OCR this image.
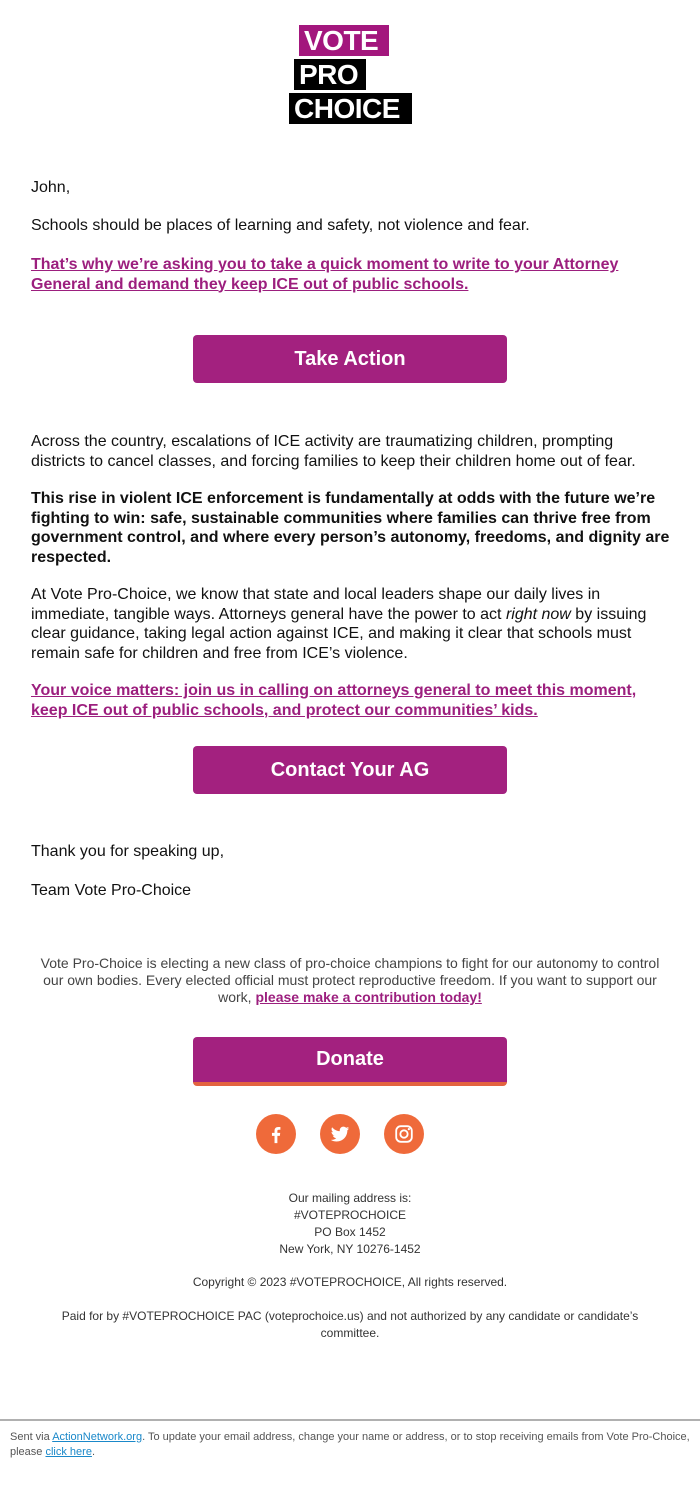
VOTE
PRO
CHOICE
John,
Schools should be places of learning and safety, not violence and fear.
That’s why we’re asking you to take a quick moment to write to your Attorney General and demand they keep ICE out of public schools.
Take Action
Across the country, escalations of ICE activity are traumatizing children, prompting districts to cancel classes, and forcing families to keep their children home out of fear.
This rise in violent ICE enforcement is fundamentally at odds with the future we’re fighting to win: safe, sustainable communities where families can thrive free from government control, and where every person’s autonomy, freedoms, and dignity are respected.
At Vote Pro-Choice, we know that state and local leaders shape our daily lives in immediate, tangible ways. Attorneys general have the power to act right now by issuing clear guidance, taking legal action against ICE, and making it clear that schools must remain safe for children and free from ICE’s violence.
Your voice matters: join us in calling on attorneys general to meet this moment, keep ICE out of public schools, and protect our communities’ kids.
Contact Your AG
Thank you for speaking up,
Team Vote Pro-Choice
Vote Pro-Choice is electing a new class of pro-choice champions to fight for our autonomy to control our own bodies. Every elected official must protect reproductive freedom. If you want to support our work, please make a contribution today!
Donate
Our mailing address is:
#VOTEPROCHOICE
PO Box 1452
New York, NY 10276-1452
Copyright © 2023 #VOTEPROCHOICE, All rights reserved.
Paid for by #VOTEPROCHOICE PAC (voteprochoice.us) and not authorized by any candidate or candidate’s committee.
Sent via ActionNetwork.org. To update your email address, change your name or address, or to stop receiving emails from Vote Pro-Choice, please click here.
